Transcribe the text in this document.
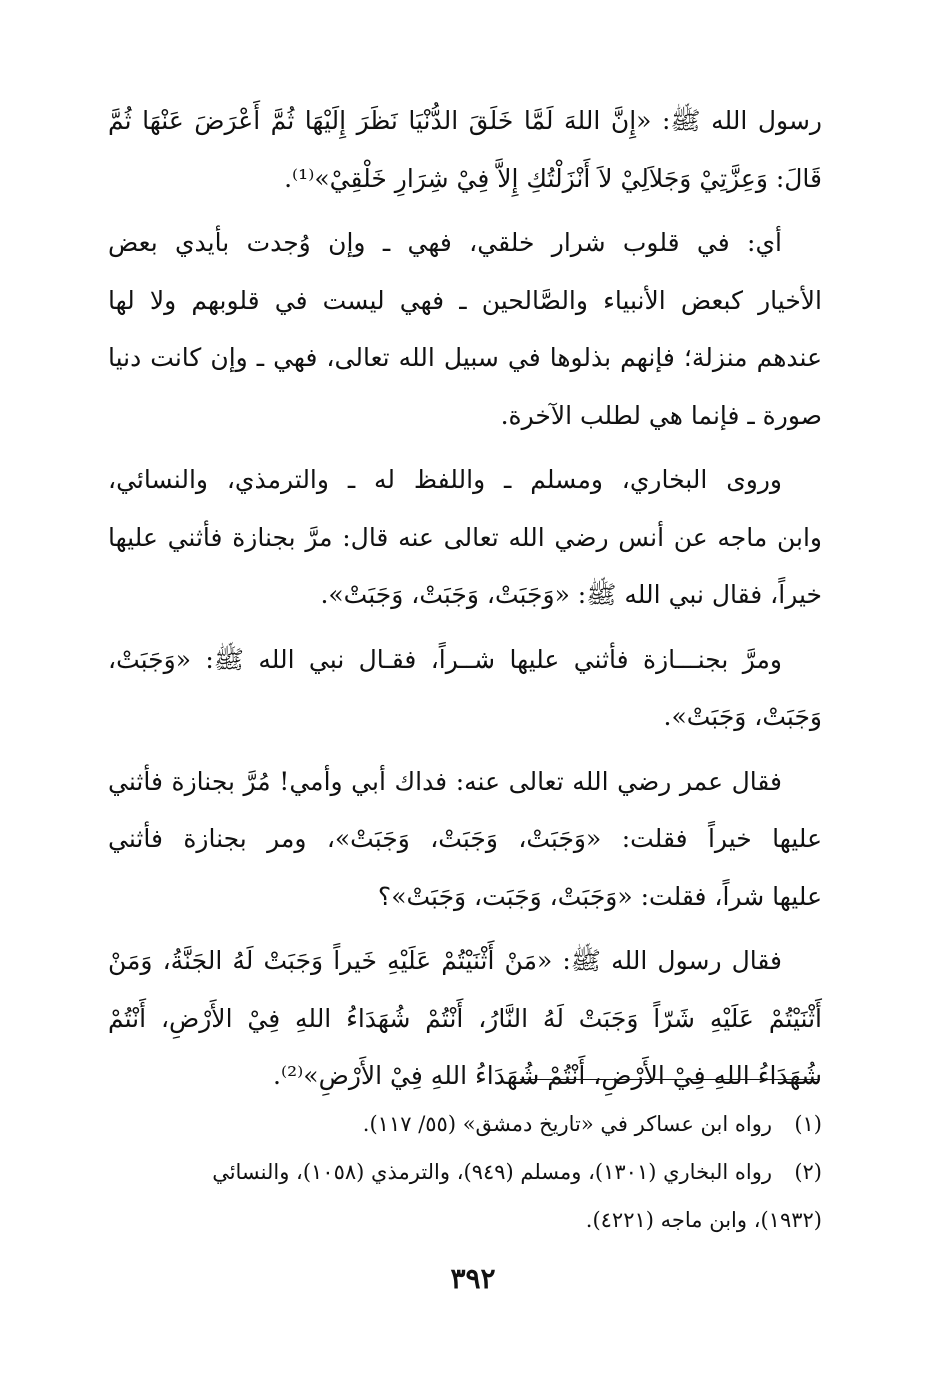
رسول الله ﷺ: «إِنَّ اللهَ لَمَّا خَلَقَ الدُّنْيَا نَظَرَ إِلَيْهَا ثُمَّ أَعْرَضَ عَنْهَا ثُمَّ
قَالَ: وَعِزَّتِيْ وَجَلاَلِيْ لاَ أَنْزَلْتُكِ إِلاَّ فِيْ شِرَارِ خَلْقِيْ»⁽¹⁾.
أي: في قلوب شرار خلقي، فهي ـ وإن وُجدت بأيدي بعض
الأخيار كبعض الأنبياء والصَّالحين ـ فهي ليست في قلوبهم ولا لها
عندهم منزلة؛ فإنهم بذلوها في سبيل الله تعالى، فهي ـ وإن كانت دنيا
صورة ـ فإنما هي لطلب الآخرة.
وروى البخاري، ومسلم ـ واللفظ له ـ والترمذي، والنسائي،
وابن ماجه عن أنس رضي الله تعالى عنه قال: مرَّ بجنازة فأثني عليها
خيراً، فقال نبي الله ﷺ: «وَجَبَتْ، وَجَبَتْ، وَجَبَتْ».
ومرَّ بجنـــازة فأثني عليها شــراً، فقـال نبي الله ﷺ: «وَجَبَتْ،
وَجَبَتْ، وَجَبَتْ».
فقال عمر رضي الله تعالى عنه: فداك أبي وأمي! مُرَّ بجنازة فأثني
عليها خيراً فقلت: «وَجَبَتْ، وَجَبَتْ، وَجَبَتْ»، ومر بجنازة فأثني
عليها شراً، فقلت: «وَجَبَتْ، وَجَبَت، وَجَبَتْ»؟
فقال رسول الله ﷺ: «مَنْ أَثْنَيْتُمْ عَلَيْهِ خَيراً وَجَبَتْ لَهُ الجَنَّةُ، وَمَنْ
أَثْنَيْتُمْ عَلَيْهِ شَرّاً وَجَبَتْ لَهُ النَّارُ، أَنْتُمْ شُهَدَاءُ اللهِ فِيْ الأَرْضِ، أَنْتُمْ
شُهَدَاءُ اللهِ فِيْ الأَرْضِ، أَنْتُمْ شُهَدَاءُ اللهِ فِيْ الأَرْضِ»⁽²⁾.
(١)رواه ابن عساكر في «تاريخ دمشق» (٥٥/ ١١٧).
(٢)رواه البخاري (١٣٠١)، ومسلم (٩٤٩)، والترمذي (١٠٥٨)، والنسائي
(١٩٣٢)، وابن ماجه (٤٢٢١).
٣٩٢
